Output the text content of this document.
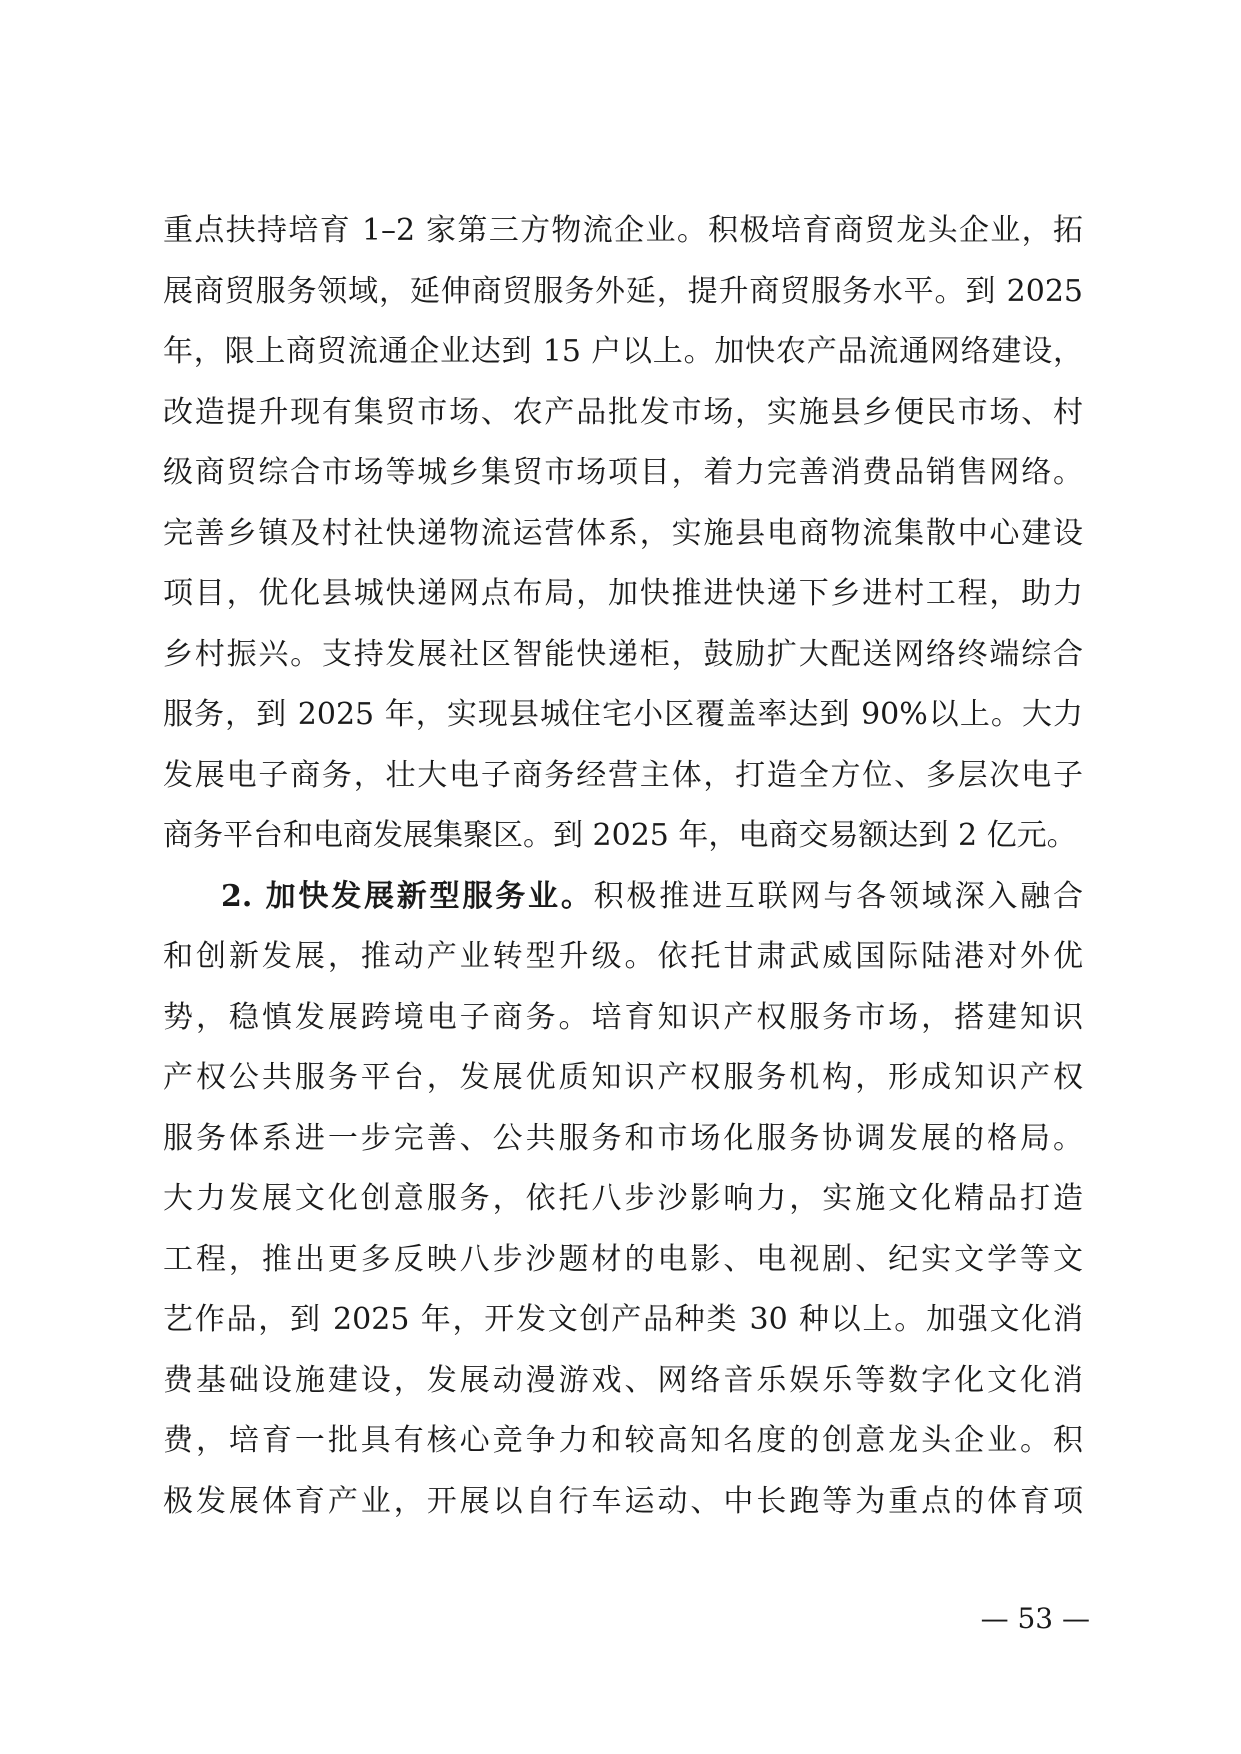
重点扶持培育 1–2 家第三方物流企业。积极培育商贸龙头企业，拓
展商贸服务领域，延伸商贸服务外延，提升商贸服务水平。到 2025
年，限上商贸流通企业达到 15 户以上。加快农产品流通网络建设，
改造提升现有集贸市场、农产品批发市场，实施县乡便民市场、村
级商贸综合市场等城乡集贸市场项目，着力完善消费品销售网络。
完善乡镇及村社快递物流运营体系，实施县电商物流集散中心建设
项目，优化县城快递网点布局，加快推进快递下乡进村工程，助力
乡村振兴。支持发展社区智能快递柜，鼓励扩大配送网络终端综合
服务，到 2025 年，实现县城住宅小区覆盖率达到 90%以上。大力
发展电子商务，壮大电子商务经营主体，打造全方位、多层次电子
商务平台和电商发展集聚区。到 2025 年，电商交易额达到 2 亿元。
2. 加快发展新型服务业。积极推进互联网与各领域深入融合
和创新发展，推动产业转型升级。依托甘肃武威国际陆港对外优
势，稳慎发展跨境电子商务。培育知识产权服务市场，搭建知识
产权公共服务平台，发展优质知识产权服务机构，形成知识产权
服务体系进一步完善、公共服务和市场化服务协调发展的格局。
大力发展文化创意服务，依托八步沙影响力，实施文化精品打造
工程，推出更多反映八步沙题材的电影、电视剧、纪实文学等文
艺作品，到 2025 年，开发文创产品种类 30 种以上。加强文化消
费基础设施建设，发展动漫游戏、网络音乐娱乐等数字化文化消
费，培育一批具有核心竞争力和较高知名度的创意龙头企业。积
极发展体育产业，开展以自行车运动、中长跑等为重点的体育项
— 53 —
